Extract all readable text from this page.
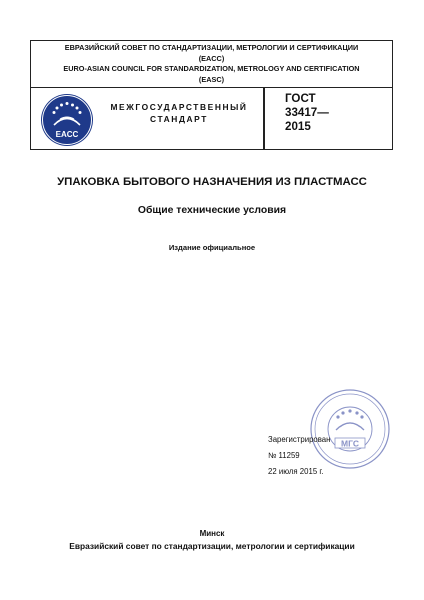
ЕВРАЗИЙСКИЙ СОВЕТ ПО СТАНДАРТИЗАЦИИ, МЕТРОЛОГИИ И СЕРТИФИКАЦИИ
(EACC)
EURO-ASIAN COUNCIL FOR STANDARDIZATION, METROLOGY AND CERTIFICATION
(EASC)
EACC
МЕЖГОСУДАРСТВЕННЫЙ
СТАНДАРТ
ГОСТ
33417—
2015
УПАКОВКА БЫТОВОГО НАЗНАЧЕНИЯ ИЗ ПЛАСТМАСС
Общие технические условия
Издание официальное
МГС
Зарегистрирован
№ 11259
22 июля 2015 г.
Минск
Евразийский совет по стандартизации, метрологии и сертификации
